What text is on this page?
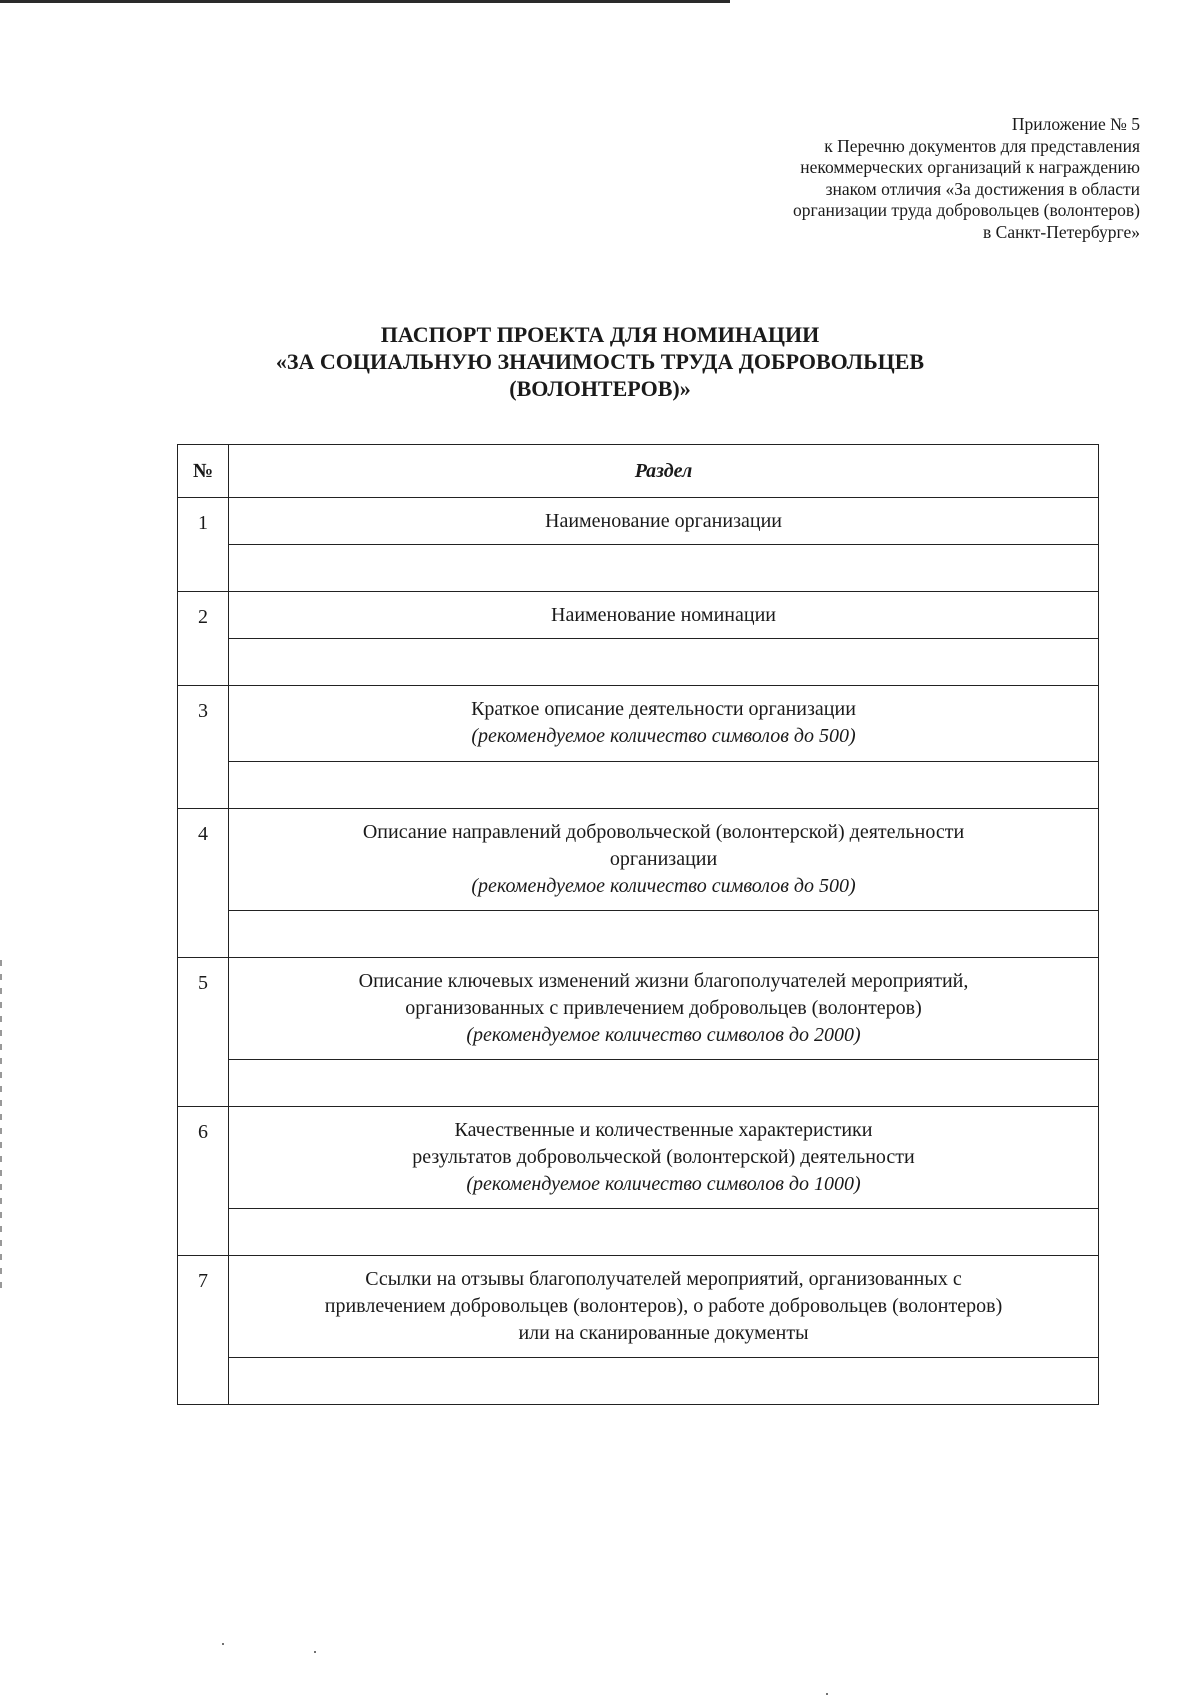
Приложение № 5
к Перечню документов для представления
некоммерческих организаций к награждению
знаком отличия «За достижения в области
организации труда добровольцев (волонтеров)
в Санкт-Петербурге»
ПАСПОРТ ПРОЕКТА ДЛЯ НОМИНАЦИИ
«ЗА СОЦИАЛЬНУЮ ЗНАЧИМОСТЬ ТРУДА ДОБРОВОЛЬЦЕВ
(ВОЛОНТЕРОВ)»
№	Раздел
1	Наименование организации

2	Наименование номинации

3	Краткое описание деятельности организации
(рекомендуемое количество символов до 500)

4	Описание направлений добровольческой (волонтерской) деятельности
организации
(рекомендуемое количество символов до 500)

5	Описание ключевых изменений жизни благополучателей мероприятий,
организованных с привлечением добровольцев (волонтеров)
(рекомендуемое количество символов до 2000)

6	Качественные и количественные характеристики
результатов добровольческой (волонтерской) деятельности
(рекомендуемое количество символов до 1000)

7	Ссылки на отзывы благополучателей мероприятий, организованных с
привлечением добровольцев (волонтеров), о работе добровольцев (волонтеров)
или на сканированные документы
